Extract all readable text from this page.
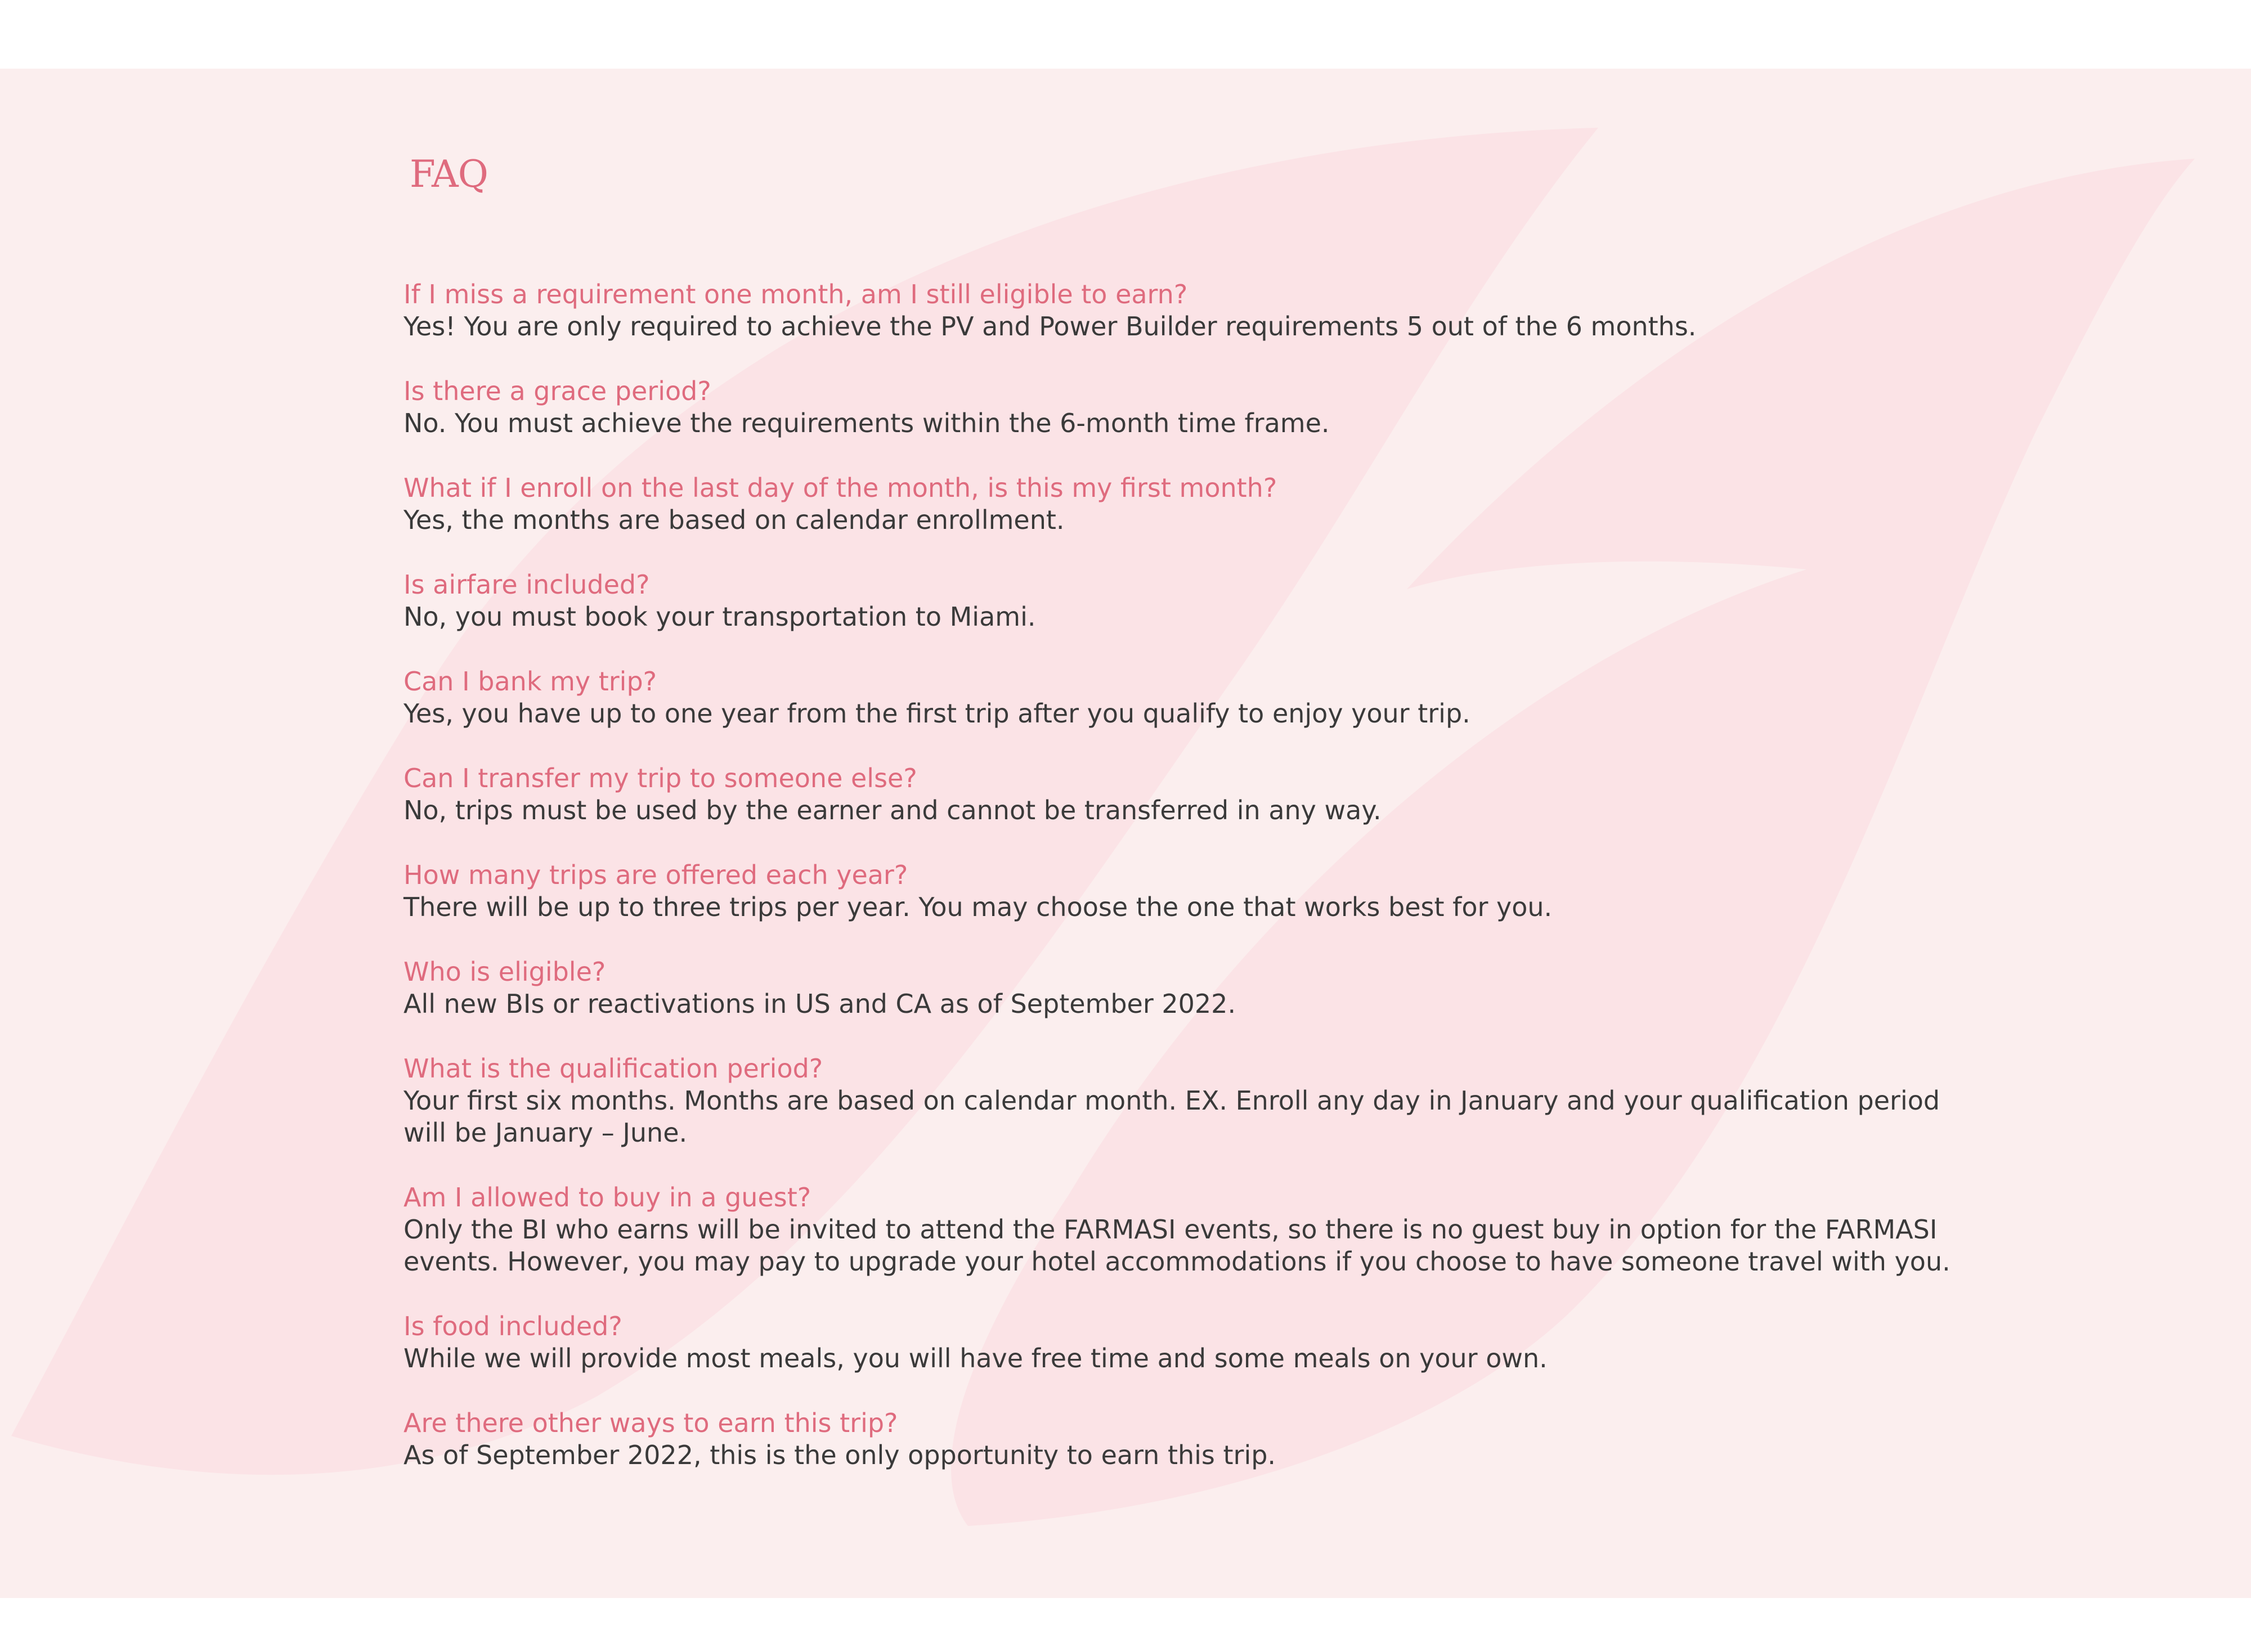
FAQ

If I miss a requirement one month, am I still eligible to earn?

Yes! You are only required to achieve the PV and Power Builder requirements 5 out of the 6 months.

Is there a grace period?

No. You must achieve the requirements within the 6-month time frame.

What if I enroll on the last day of the month, is this my first month?

Yes, the months are based on calendar enrollment.

Is airfare included?

No, you must book your transportation to Miami.

Can I bank my trip?

Yes, you have up to one year from the first trip after you qualify to enjoy your trip.

Can I transfer my trip to someone else?

No, trips must be used by the earner and cannot be transferred in any way.

How many trips are offered each year?

There will be up to three trips per year. You may choose the one that works best for you.

Who is eligible?

All new BIs or reactivations in US and CA as of September 2022.

What is the qualification period?

Your first six months. Months are based on calendar month. EX. Enroll any day in January and your qualification period will be January – June.

Am I allowed to buy in a guest?

Only the BI who earns will be invited to attend the FARMASI events, so there is no guest buy in option for the FARMASI events. However, you may pay to upgrade your hotel accommodations if you choose to have someone travel with you.

Is food included?

While we will provide most meals, you will have free time and some meals on your own.

Are there other ways to earn this trip?

As of September 2022, this is the only opportunity to earn this trip.
